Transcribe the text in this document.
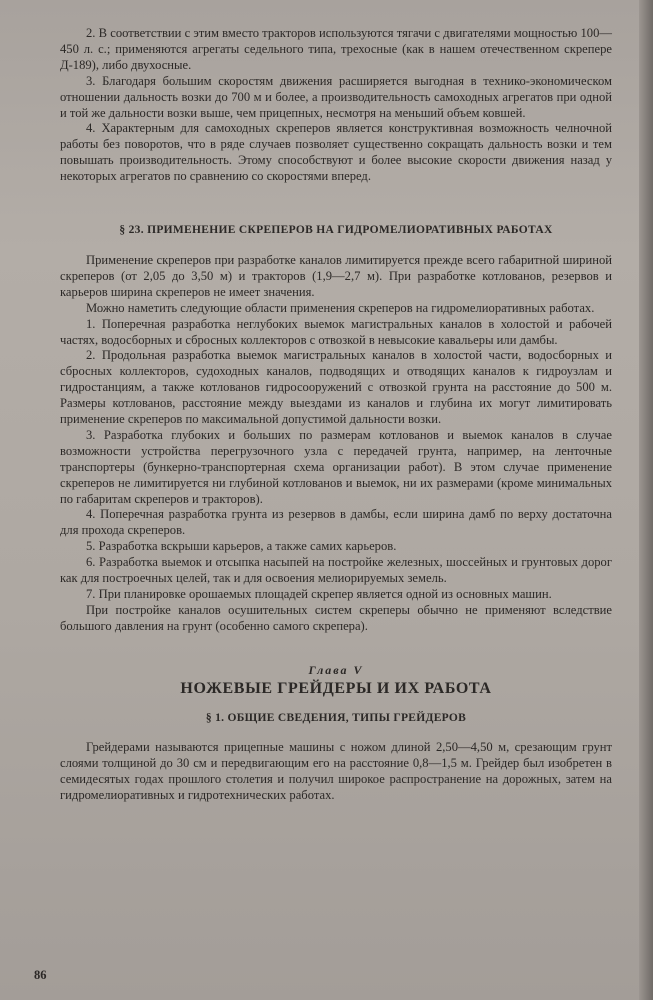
2. В соответствии с этим вместо тракторов используются тягачи с двигателями мощностью 100—450 л. с.; применяются агрегаты седельного типа, трехосные (как в нашем отечественном скрепере Д-189), либо двухосные.

3. Благодаря большим скоростям движения расширяется выгодная в технико-экономическом отношении дальность возки до 700 м и более, а производительность самоходных агрегатов при одной и той же дальности возки выше, чем прицепных, несмотря на меньший объем ковшей.

4. Характерным для самоходных скреперов является конструктивная возможность челночной работы без поворотов, что в ряде случаев позволяет существенно сокращать дальность возки и тем повышать производительность. Этому способствуют и более высокие скорости движения назад у некоторых агрегатов по сравнению со скоростями вперед.

§ 23. ПРИМЕНЕНИЕ СКРЕПЕРОВ НА ГИДРОМЕЛИОРАТИВНЫХ РАБОТАХ

Применение скреперов при разработке каналов лимитируется прежде всего габаритной шириной скреперов (от 2,05 до 3,50 м) и тракторов (1,9—2,7 м). При разработке котлованов, резервов и карьеров ширина скреперов не имеет значения.

Можно наметить следующие области применения скреперов на гидромелиоративных работах.

1. Поперечная разработка неглубоких выемок магистральных каналов в холостой и рабочей частях, водосборных и сбросных коллекторов с отвозкой в невысокие кавальеры или дамбы.

2. Продольная разработка выемок магистральных каналов в холостой части, водосборных и сбросных коллекторов, судоходных каналов, подводящих и отводящих каналов к гидроузлам и гидростанциям, а также котлованов гидросооружений с отвозкой грунта на расстояние до 500 м. Размеры котлованов, расстояние между выездами из каналов и глубина их могут лимитировать применение скреперов по максимальной допустимой дальности возки.

3. Разработка глубоких и больших по размерам котлованов и выемок каналов в случае возможности устройства перегрузочного узла с передачей грунта, например, на ленточные транспортеры (бункерно-транспортерная схема организации работ). В этом случае применение скреперов не лимитируется ни глубиной котлованов и выемок, ни их размерами (кроме минимальных по габаритам скреперов и тракторов).

4. Поперечная разработка грунта из резервов в дамбы, если ширина дамб по верху достаточна для прохода скреперов.

5. Разработка вскрыши карьеров, а также самих карьеров.

6. Разработка выемок и отсыпка насыпей на постройке железных, шоссейных и грунтовых дорог как для построечных целей, так и для освоения мелиорируемых земель.

7. При планировке орошаемых площадей скрепер является одной из основных машин.

При постройке каналов осушительных систем скреперы обычно не применяют вследствие большого давления на грунт (особенно самого скрепера).

Глава V
НОЖЕВЫЕ ГРЕЙДЕРЫ И ИХ РАБОТА
§ 1. ОБЩИЕ СВЕДЕНИЯ, ТИПЫ ГРЕЙДЕРОВ

Грейдерами называются прицепные машины с ножом длиной 2,50—4,50 м, срезающим грунт слоями толщиной до 30 см и передвигающим его на расстояние 0,8—1,5 м. Грейдер был изобретен в семидесятых годах прошлого столетия и получил широкое распространение на дорожных, затем на гидромелиоративных и гидротехнических работах.

86
